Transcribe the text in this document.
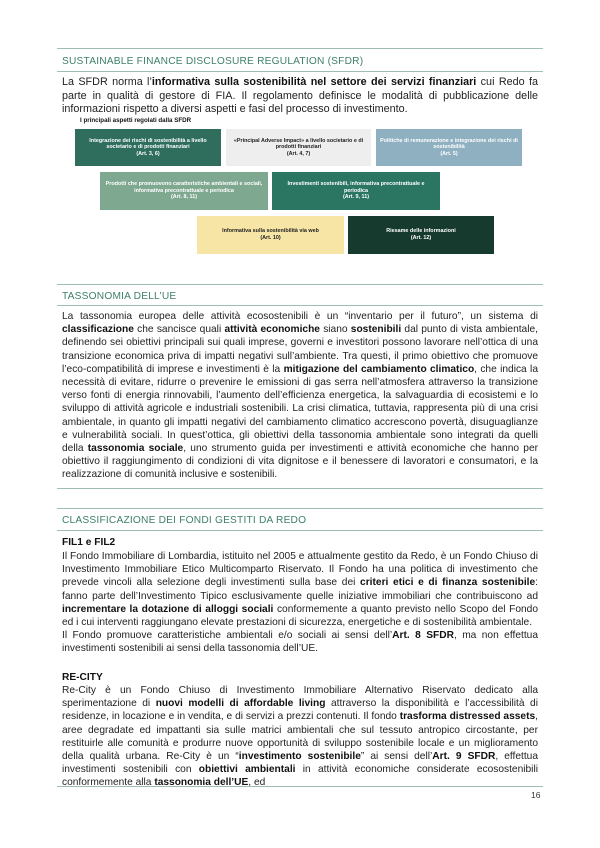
SUSTAINABLE FINANCE DISCLOSURE REGULATION (SFDR)

La SFDR norma l’informativa sulla sostenibilità nel settore dei servizi finanziari cui Redo fa parte in qualità di gestore di FIA. Il regolamento definisce le modalità di pubblicazione delle informazioni rispetto a diversi aspetti e fasi del processo di investimento.

I principali aspetti regolati dalla SFDR
Integrazione dei rischi di sostenibilità a livello societario e di prodotti finanziari
(Art. 3, 6)
«Principal Adverse Impact» a livello societario e di prodotti finanziari
(Art. 4, 7)
Politiche di remunerazione e integrazione dei rischi di sostenibilità
(Art. 5)
Prodotti che promuovono caratteristiche ambientali e sociali, informativa precontrattuale e periodica
(Art. 8, 11)
Investimenti sostenibili, informativa precontrattuale e periodica
(Art. 9, 11)
Informativa sulla sostenibilità via web
(Art. 10)
Riesame delle informazioni
(Art. 12)
TASSONOMIA DELL’UE

La tassonomia europea delle attività ecosostenibili è un “inventario per il futuro”, un sistema di classificazione che sancisce quali attività economiche siano sostenibili dal punto di vista ambientale, definendo sei obiettivi principali sui quali imprese, governi e investitori possono lavorare nell’ottica di una transizione economica priva di impatti negativi sull’ambiente. Tra questi, il primo obiettivo che promuove l’eco-compatibilità di imprese e investimenti è la mitigazione del cambiamento climatico, che indica la necessità di evitare, ridurre o prevenire le emissioni di gas serra nell’atmosfera attraverso la transizione verso fonti di energia rinnovabili, l’aumento dell’efficienza energetica, la salvaguardia di ecosistemi e lo sviluppo di attività agricole e industriali sostenibili. La crisi climatica, tuttavia, rappresenta più di una crisi ambientale, in quanto gli impatti negativi del cambiamento climatico accrescono povertà, disuguaglianze e vulnerabilità sociali. In quest’ottica, gli obiettivi della tassonomia ambientale sono integrati da quelli della tassonomia sociale, uno strumento guida per investimenti e attività economiche che hanno per obiettivo il raggiungimento di condizioni di vita dignitose e il benessere di lavoratori e consumatori, e la realizzazione di comunità inclusive e sostenibili.

CLASSIFICAZIONE DEI FONDI GESTITI DA REDO
FIL1 e FIL2

Il Fondo Immobiliare di Lombardia, istituito nel 2005 e attualmente gestito da Redo, è un Fondo Chiuso di Investimento Immobiliare Etico Multicomparto Riservato. Il Fondo ha una politica di investimento che prevede vincoli alla selezione degli investimenti sulla base dei criteri etici e di finanza sostenibile: fanno parte dell’Investimento Tipico esclusivamente quelle iniziative immobiliari che contribuiscono ad incrementare la dotazione di alloggi sociali conformemente a quanto previsto nello Scopo del Fondo ed i cui interventi raggiungano elevate prestazioni di sicurezza, energetiche e di sostenibilità ambientale.

Il Fondo promuove caratteristiche ambientali e/o sociali ai sensi dell’Art. 8 SFDR, ma non effettua investimenti sostenibili ai sensi della tassonomia dell’UE.

RE-CITY

Re-City è un Fondo Chiuso di Investimento Immobiliare Alternativo Riservato dedicato alla sperimentazione di nuovi modelli di affordable living attraverso la disponibilità e l’accessibilità di residenze, in locazione e in vendita, e di servizi a prezzi contenuti. Il fondo trasforma distressed assets, aree degradate ed impattanti sia sulle matrici ambientali che sul tessuto antropico circostante, per restituirle alle comunità e produrre nuove opportunità di sviluppo sostenibile locale e un miglioramento della qualità urbana. Re-City è un “investimento sostenibile” ai sensi dell’Art. 9 SFDR, effettua investimenti sostenibili con obiettivi ambientali in attività economiche considerate ecosostenibili conformemente alla tassonomia dell’UE, ed

16
